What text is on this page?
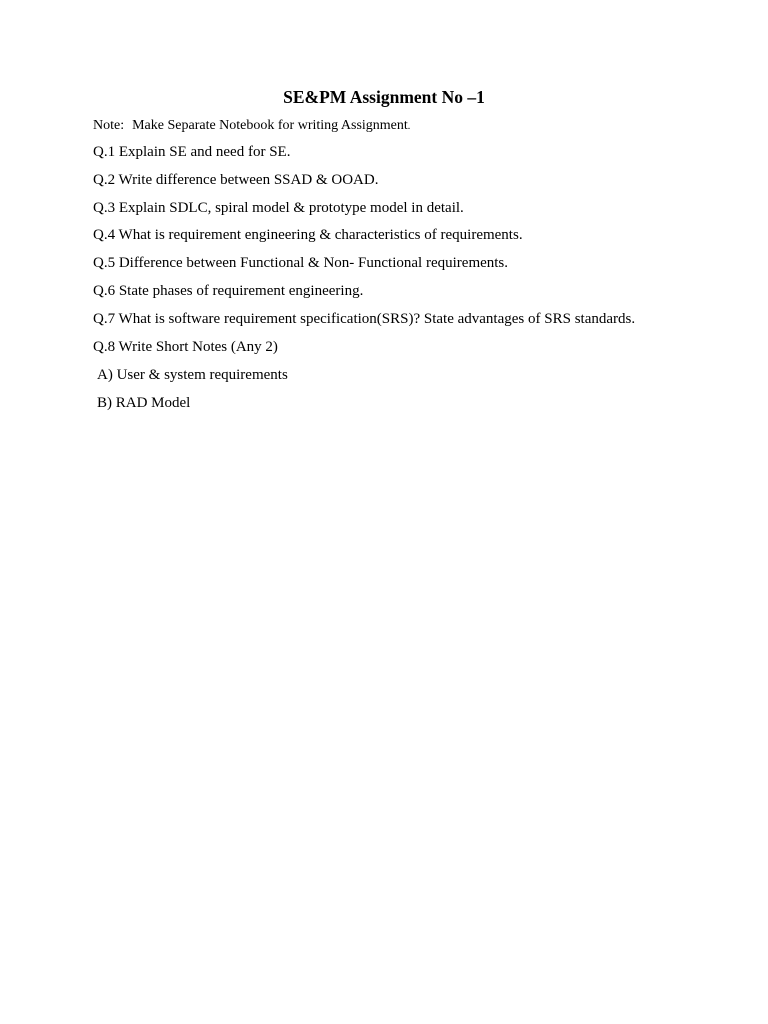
SE&PM Assignment No –1
Note: Make Separate Notebook for writing Assignment.
Q.1 Explain SE and need for SE.
Q.2 Write difference between SSAD & OOAD.
Q.3 Explain SDLC, spiral model & prototype model in detail.
Q.4 What is requirement engineering & characteristics of requirements.
Q.5 Difference between Functional & Non- Functional requirements.
Q.6 State phases of requirement engineering.
Q.7 What is software requirement specification(SRS)? State advantages of SRS standards.
Q.8 Write Short Notes (Any 2)
A) User & system requirements
B) RAD Model
